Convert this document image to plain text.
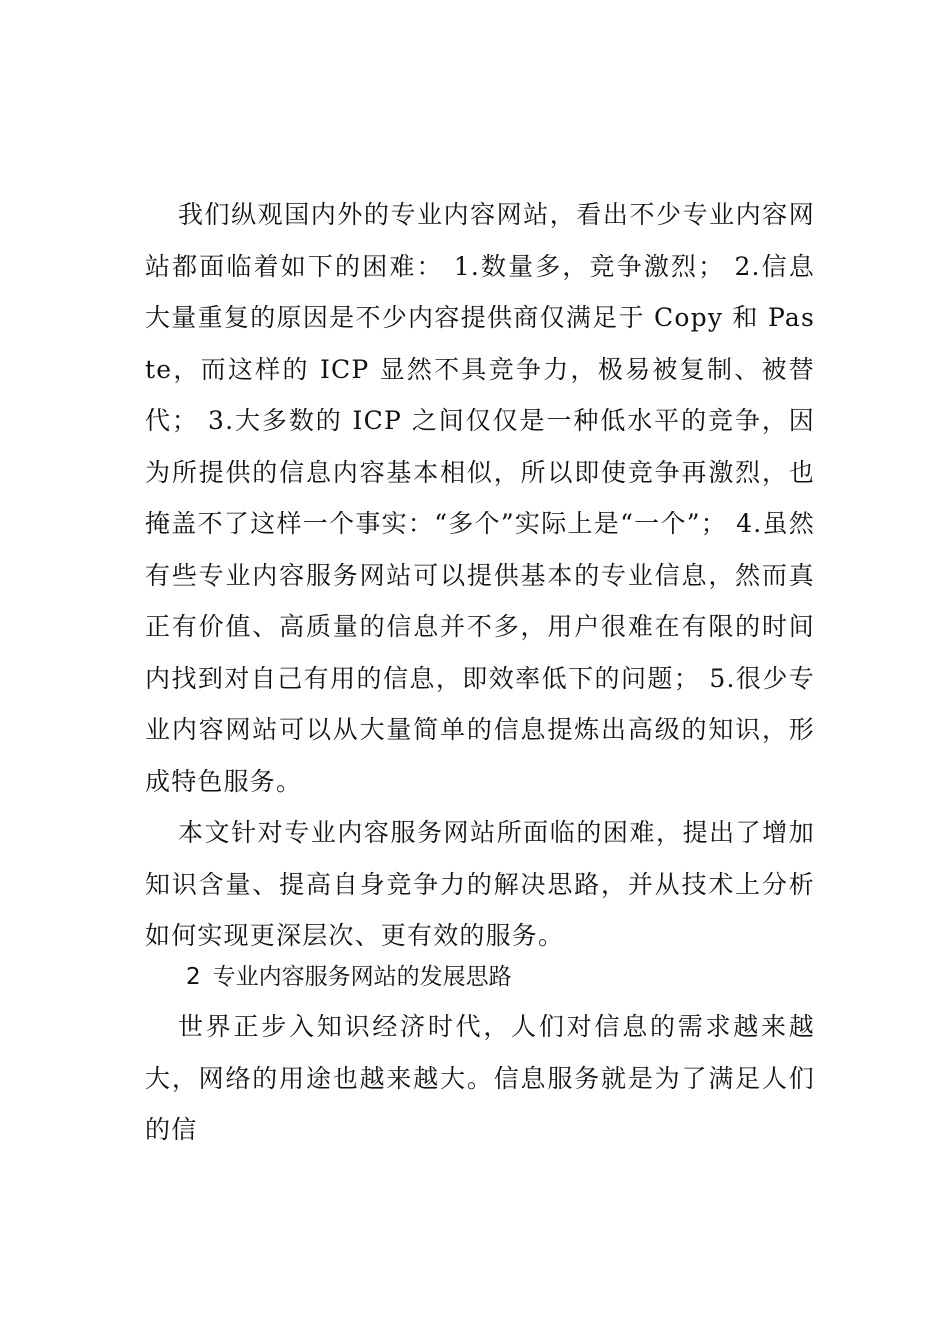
我们纵观国内外的专业内容网站，看出不少专业内容网站都面临着如下的困难： 1.数量多，竞争激烈； 2.信息大量重复的原因是不少内容提供商仅满足于 Copy 和 Paste，而这样的 ICP 显然不具竞争力，极易被复制、被替代； 3.大多数的 ICP 之间仅仅是一种低水平的竞争，因为所提供的信息内容基本相似，所以即使竞争再激烈，也掩盖不了这样一个事实：“多个”实际上是“一个”； 4.虽然有些专业内容服务网站可以提供基本的专业信息，然而真正有价值、高质量的信息并不多，用户很难在有限的时间内找到对自己有用的信息，即效率低下的问题； 5.很少专业内容网站可以从大量简单的信息提炼出高级的知识，形成特色服务。

本文针对专业内容服务网站所面临的困难，提出了增加知识含量、提高自身竞争力的解决思路，并从技术上分析如何实现更深层次、更有效的服务。

2 专业内容服务网站的发展思路

世界正步入知识经济时代，人们对信息的需求越来越大，网络的用途也越来越大。信息服务就是为了满足人们的信
